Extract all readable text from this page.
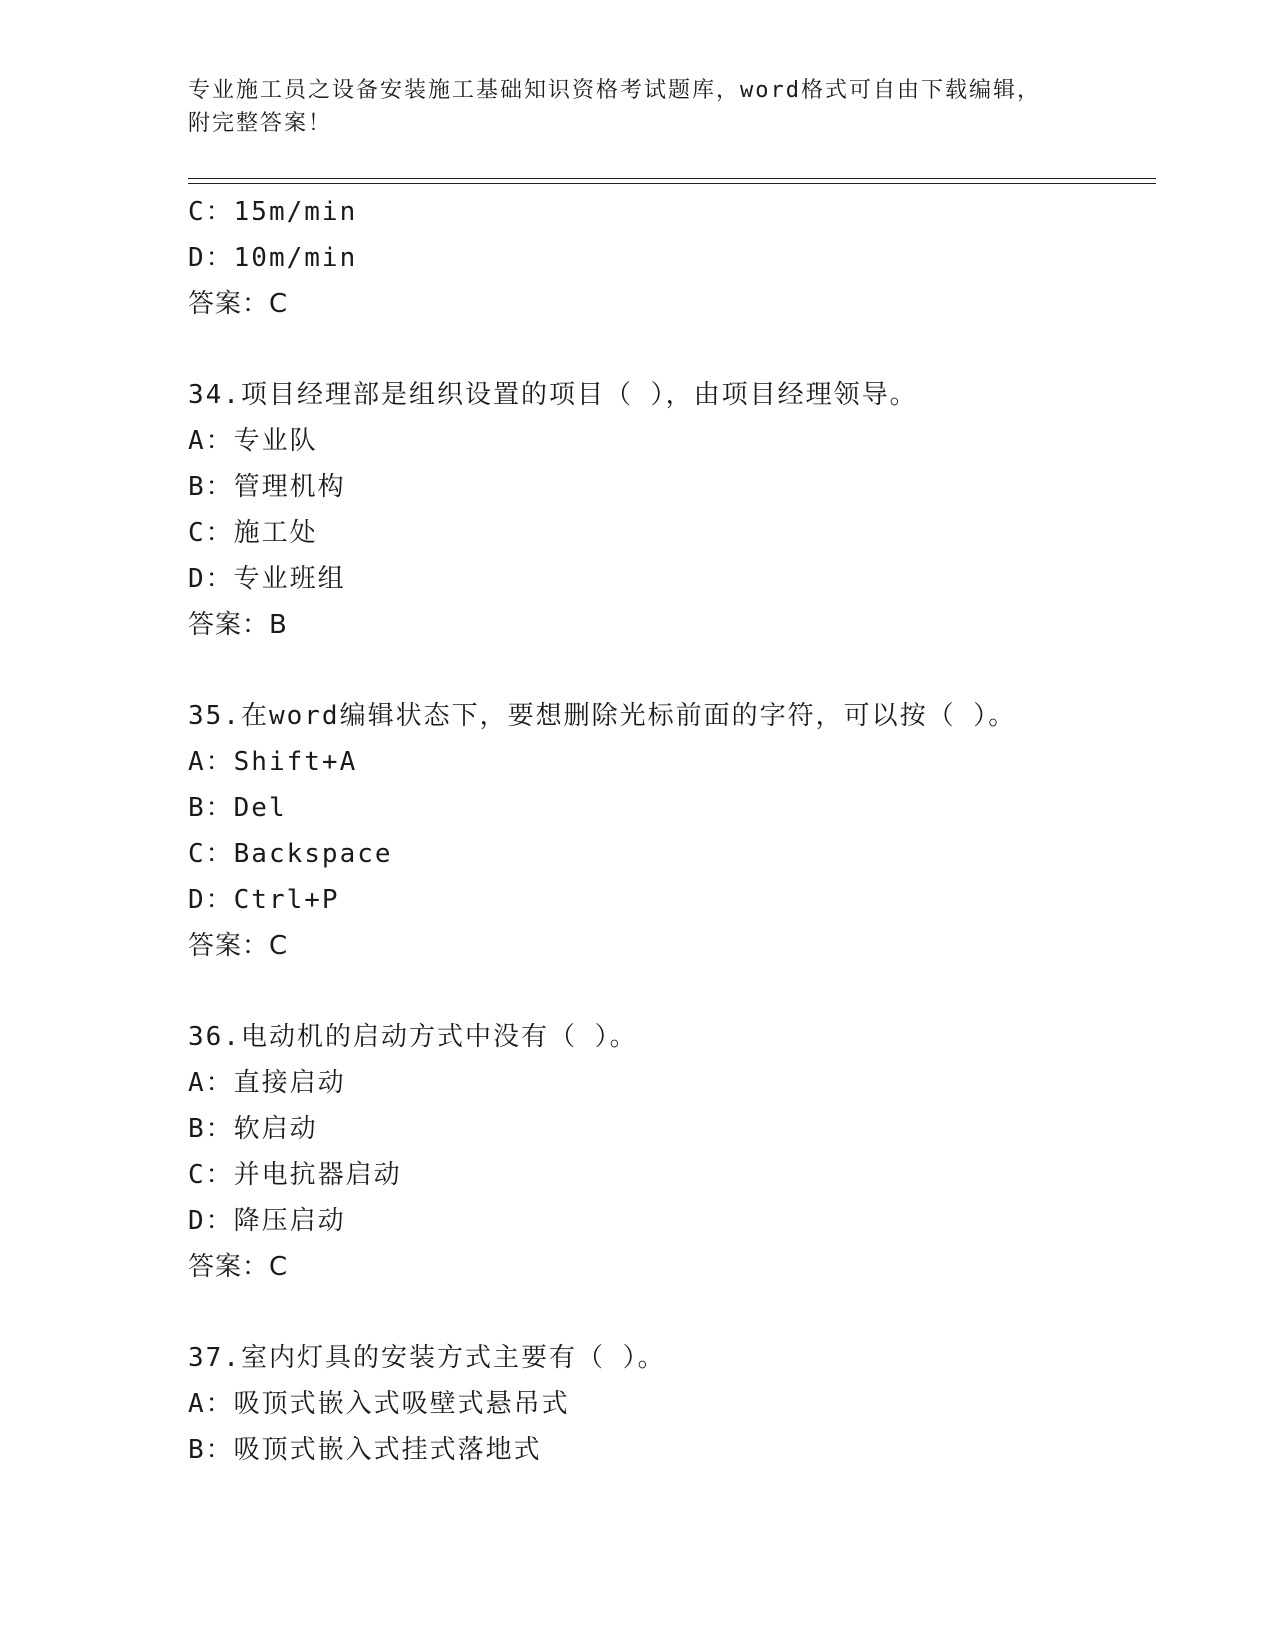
专业施工员之设备安装施工基础知识资格考试题库，word格式可自由下载编辑，
附完整答案！
C：15m/min
D：10m/min
答案：C
34.项目经理部是组织设置的项目（ ），由项目经理领导。
A：专业队
B：管理机构
C：施工处
D：专业班组
答案：B
35.在word编辑状态下，要想删除光标前面的字符，可以按（ ）。
A：Shift+A
B：Del
C：Backspace
D：Ctrl+P
答案：C
36.电动机的启动方式中没有（ ）。
A：直接启动
B：软启动
C：并电抗器启动
D：降压启动
答案：C
37.室内灯具的安装方式主要有（ ）。
A：吸顶式嵌入式吸壁式悬吊式
B：吸顶式嵌入式挂式落地式
